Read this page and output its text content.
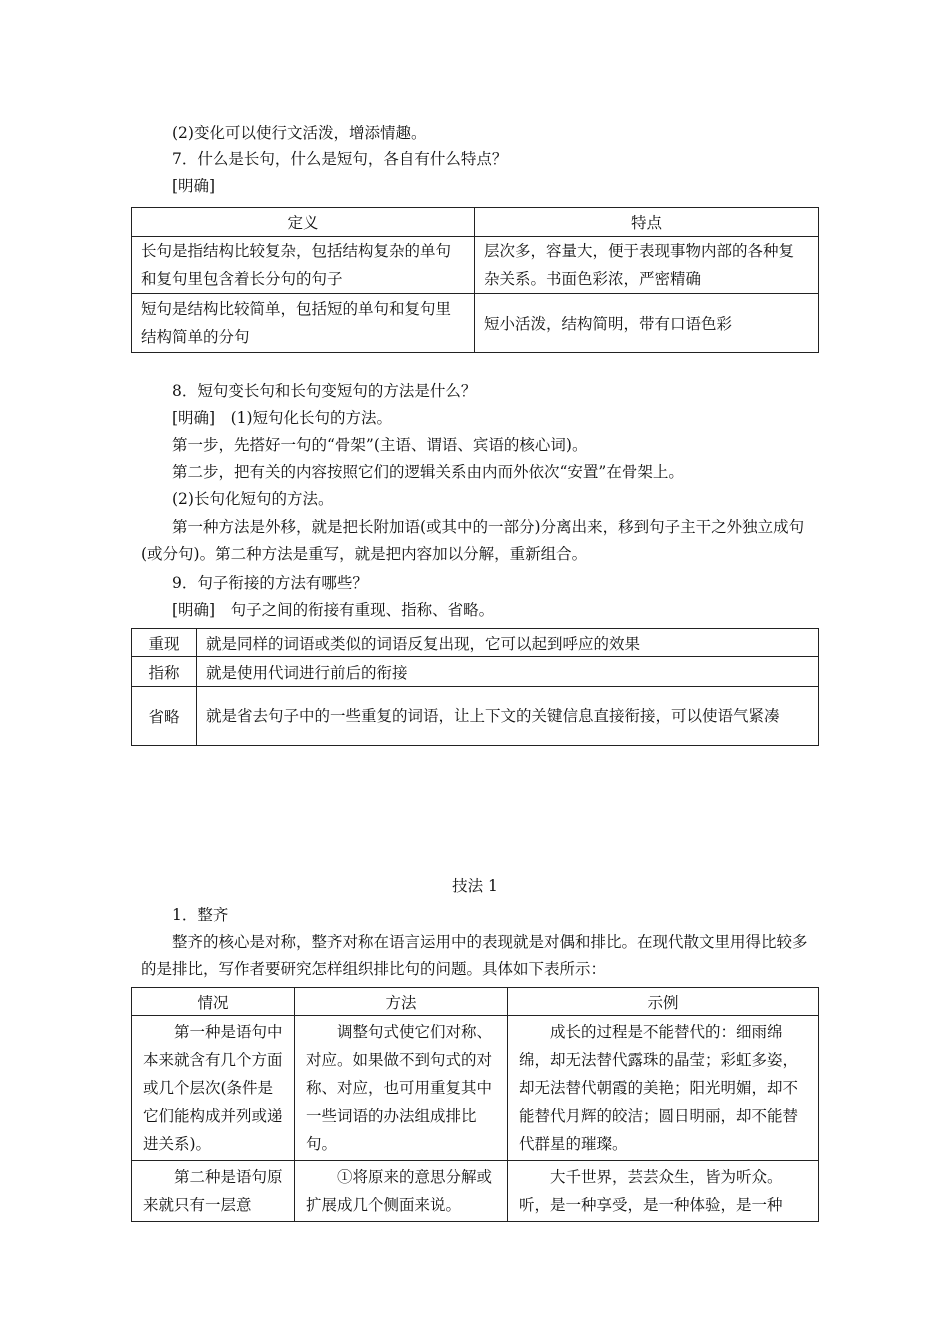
(2)变化可以使行文活泼，增添情趣。
7．什么是长句，什么是短句，各自有什么特点？
[明确]
定义	特点
长句是指结构比较复杂，包括结构复杂的单句和复句里包含着长分句的句子	层次多，容量大，便于表现事物内部的各种复杂关系。书面色彩浓，严密精确
短句是结构比较简单，包括短的单句和复句里结构简单的分句	短小活泼，结构简明，带有口语色彩
8．短句变长句和长句变短句的方法是什么？
[明确]　(1)短句化长句的方法。
第一步，先搭好一句的“骨架”(主语、谓语、宾语的核心词)。
第二步，把有关的内容按照它们的逻辑关系由内而外依次“安置”在骨架上。
(2)长句化短句的方法。
第一种方法是外移，就是把长附加语(或其中的一部分)分离出来，移到句子主干之外独立成句(或分句)。第二种方法是重写，就是把内容加以分解，重新组合。
9．句子衔接的方法有哪些？
[明确]　句子之间的衔接有重现、指称、省略。
重现	就是同样的词语或类似的词语反复出现，它可以起到呼应的效果
指称	就是使用代词进行前后的衔接
省略	就是省去句子中的一些重复的词语，让上下文的关键信息直接衔接，可以使语气紧凑
技法 1
1．整齐
整齐的核心是对称，整齐对称在语言运用中的表现就是对偶和排比。在现代散文里用得比较多的是排比，写作者要研究怎样组织排比句的问题。具体如下表所示：
情况	方法	示例

第一种是语句中本来就含有几个方面或几个层次(条件是它们能构成并列或递进关系)。	调整句式使它们对称、对应。如果做不到句式的对称、对应，也可用重复其中一些词语的办法组成排比句。	成长的过程是不能替代的：细雨绵绵，却无法替代露珠的晶莹；彩虹多姿，却无法替代朝霞的美艳；阳光明媚，却不能替代月辉的皎洁；圆日明丽，却不能替代群星的璀璨。

第二种是语句原来就只有一层意	①将原来的意思分解或扩展成几个侧面来说。	大千世界，芸芸众生，皆为听众。听，是一种享受，是一种体验，是一种
